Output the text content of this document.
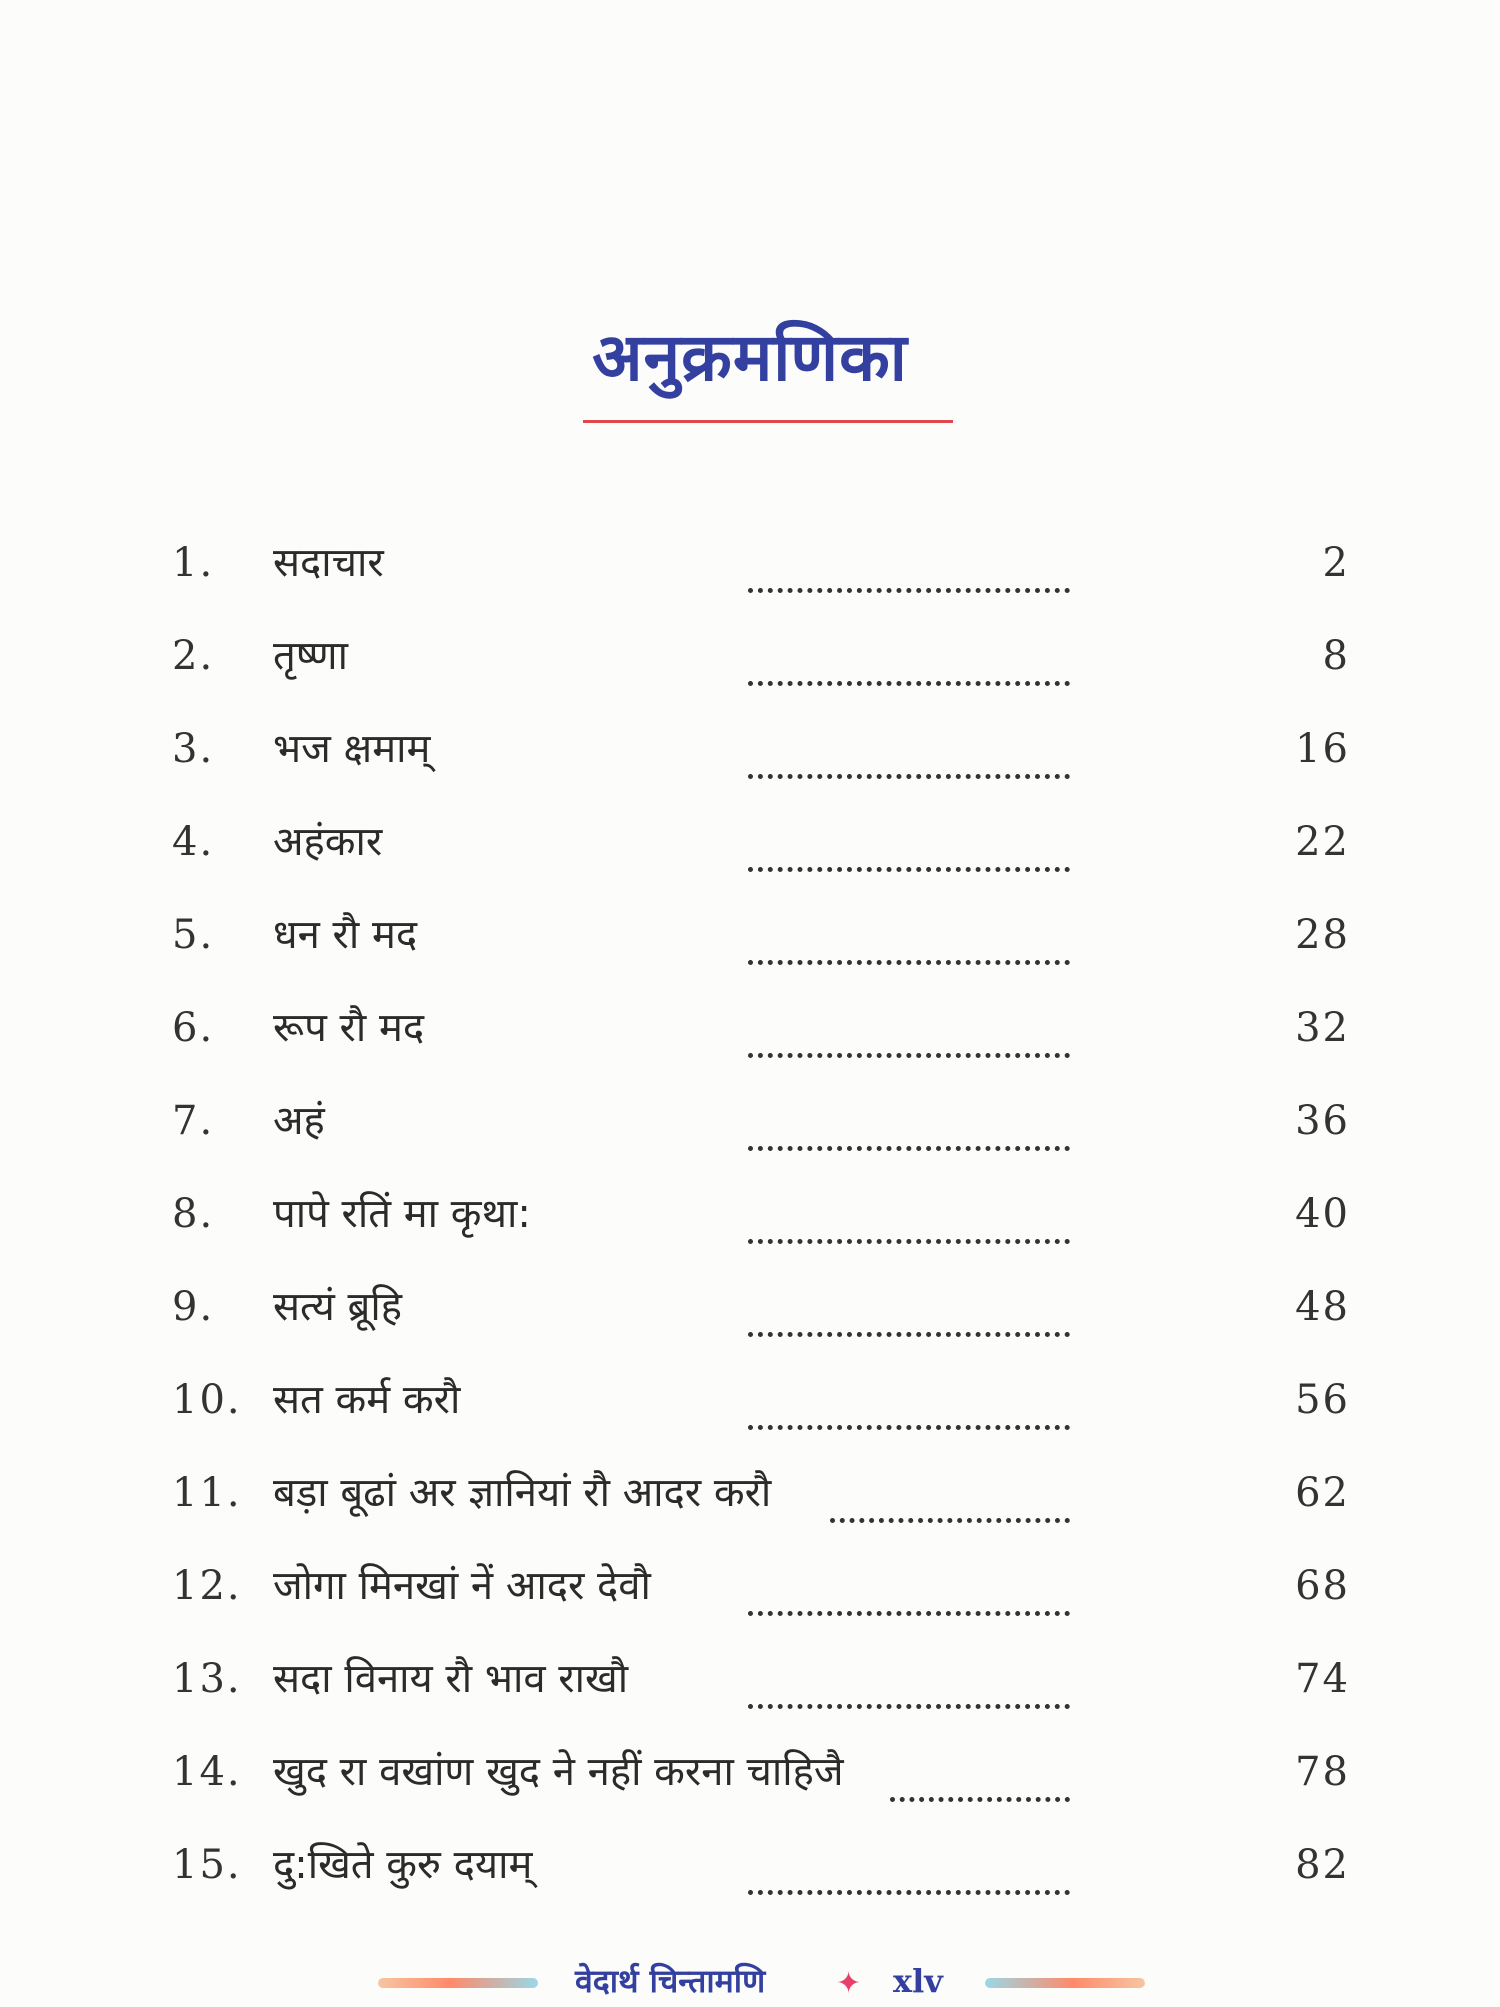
अनुक्रमणिका
1. सदाचार	2
2. तृष्णा	8
3. भज क्षमाम्	16
4. अहंकार	22
5. धन रौ मद	28
6. रूप रौ मद	32
7. अहं	36
8. पापे रतिं मा कृथा:	40
9. सत्यं ब्रूहि	48
10. सत कर्म करौ	56
11. बड़ा बूढां अर ज्ञानियां रौ आदर करौ	62
12. जोगा मिनखां नें आदर देवौ	68
13. सदा विनाय रौ भाव राखौ	74
14. खुद रा वखांण खुद ने नहीं करना चाहिजै	78
15. दु:खिते कुरु दयाम्	82
वेदार्थ चिन्तामणि ✦ xlv
